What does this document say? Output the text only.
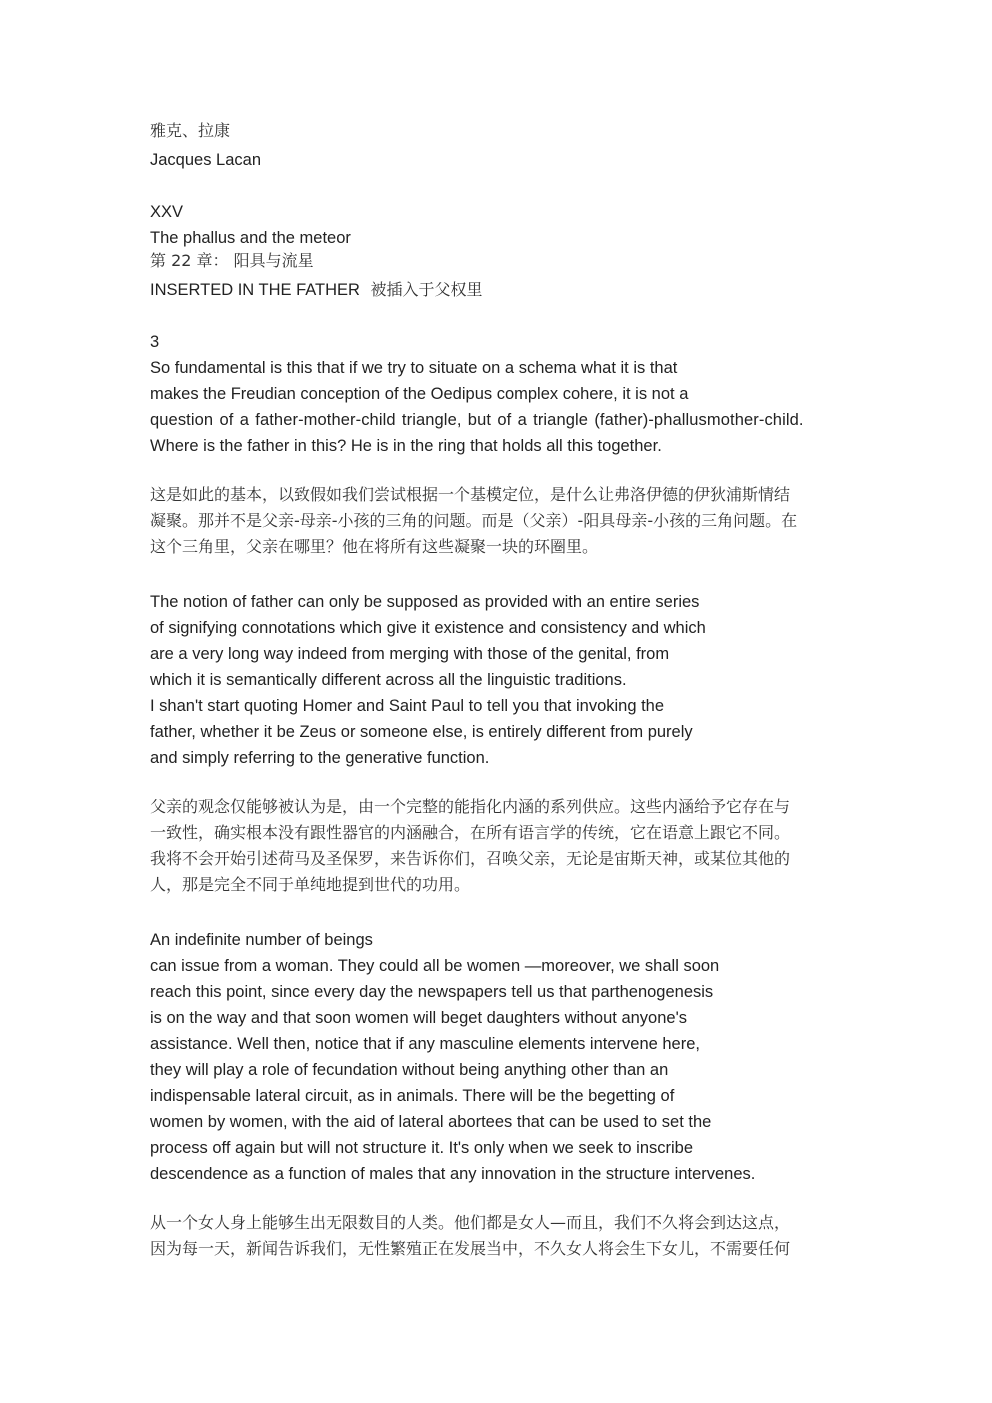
雅克、拉康
Jacques Lacan
XXV
The phallus and the meteor
第 22 章： 阳具与流星
INSERTED IN THE FATHER 被插入于父权里
3
So fundamental is this that if we try to situate on a schema what it is that
makes the Freudian conception of the Oedipus complex cohere, it is not a
question of a father-mother-child triangle, but of a triangle (father)-phallusmother-child.
Where is the father in this? He is in the ring that holds all this together.
这是如此的基本，以致假如我们尝试根据一个基模定位，是什么让弗洛伊德的伊狄浦斯情结
凝聚。那并不是父亲-母亲-小孩的三角的问题。而是（父亲）-阳具母亲-小孩的三角问题。在
这个三角里，父亲在哪里？他在将所有这些凝聚一块的环圈里。
The notion of father can only be supposed as provided with an entire series
of signifying connotations which give it existence and consistency and which
are a very long way indeed from merging with those of the genital, from
which it is semantically different across all the linguistic traditions.
I shan't start quoting Homer and Saint Paul to tell you that invoking the
father, whether it be Zeus or someone else, is entirely different from purely
and simply referring to the generative function.
父亲的观念仅能够被认为是，由一个完整的能指化内涵的系列供应。这些内涵给予它存在与
一致性，确实根本没有跟性器官的内涵融合，在所有语言学的传统，它在语意上跟它不同。
我将不会开始引述荷马及圣保罗，来告诉你们，召唤父亲，无论是宙斯天神，或某位其他的
人，那是完全不同于单纯地提到世代的功用。
An indefinite number of beings
can issue from a woman. They could all be women —moreover, we shall soon
reach this point, since every day the newspapers tell us that parthenogenesis
is on the way and that soon women will beget daughters without anyone's
assistance. Well then, notice that if any masculine elements intervene here,
they will play a role of fecundation without being anything other than an
indispensable lateral circuit, as in animals. There will be the begetting of
women by women, with the aid of lateral abortees that can be used to set the
process off again but will not structure it. It's only when we seek to inscribe
descendence as a function of males that any innovation in the structure intervenes.
从一个女人身上能够生出无限数目的人类。他们都是女人—而且，我们不久将会到达这点，
因为每一天，新闻告诉我们，无性繁殖正在发展当中，不久女人将会生下女儿，不需要任何
